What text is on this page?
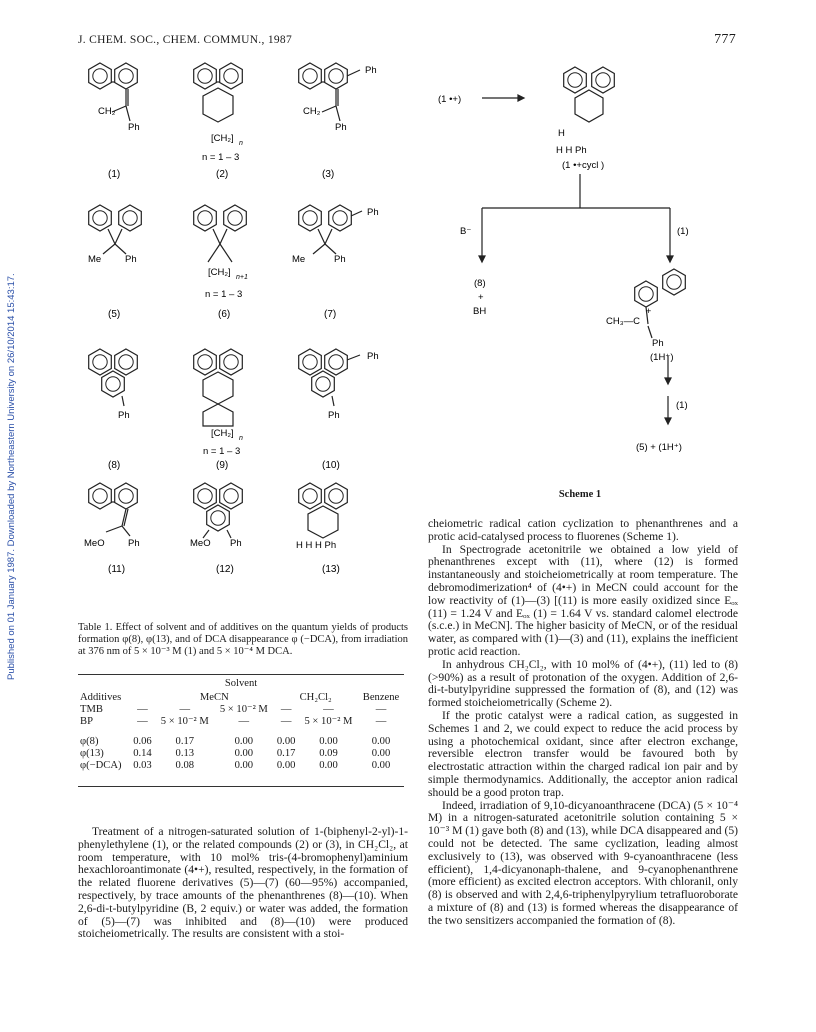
J. CHEM. SOC., CHEM. COMMUN., 1987	777
Published on 01 January 1987. Downloaded by Northeastern University on 26/10/2014 15:43:17.
CH₂
Ph
[CH₂] n
n = 1 – 3
CH₂
Ph
Ph
(1)	(2)	(3)
Me	Ph
[CH₂] n+1
n = 1 – 3
Me	Ph
Ph
(5)	(6)	(7)
Ph
[CH₂] n
n = 1 – 3
Ph
Ph
(8)	(9)	(10)
MeO Ph	MeO Ph	H H H Ph
(11)	(12)	(13)
(1 •+)
H
H H Ph
(1 •+cycl )
B⁻	(1)
(8)
+
BH
CH₃—C
+
Ph
(1H⁺)
(1)
(5) + (1H⁺)
Scheme 1
Table 1. Effect of solvent and of additives on the quantum yields of products formation φ(8), φ(13), and of DCA disappearance φ (−DCA), from irradiation at 376 nm of 5 × 10⁻³ M (1) and 5 × 10⁻⁴ M DCA.
Solvent
Additives		MeCN		CH₂Cl₂		Benzene
TMB	—	—	5 × 10⁻² M	—	—	—
BP	—	5 × 10⁻² M	—	—	5 × 10⁻² M	—

φ(8)	0.06	0.17	0.00	0.00	0.00	0.00
φ(13)	0.14	0.13	0.00	0.17	0.09	0.00
φ(−DCA)	0.03	0.08	0.00	0.00	0.00	0.00

Treatment of a nitrogen-saturated solution of 1-(biphenyl-2-yl)-1-phenylethylene (1), or the related compounds (2) or (3), in CH₂Cl₂, at room temperature, with 10 mol% tris-(4-bromophenyl)aminium hexachloroantimonate (4•+), resulted, respectively, in the formation of the related fluorene derivatives (5)—(7) (60—95%) accompanied, respectively, by trace amounts of the phenanthrenes (8)—(10). When 2,6-di-t-butylpyridine (B, 2 equiv.) or water was added, the formation of (5)—(7) was inhibited and (8)—(10) were produced stoicheiometrically. The results are consistent with a stoi-

cheiometric radical cation cyclization to phenanthrenes and a protic acid-catalysed process to fluorenes (Scheme 1).

In Spectrograde acetonitrile we obtained a low yield of phenanthrenes except with (11), where (12) is formed instantaneously and stoicheiometrically at room temperature. The debromodimerization⁴ of (4•+) in MeCN could account for the low reactivity of (1)—(3) [(11) is more easily oxidized since Eₒₓ (11) = 1.24 V and Eₒₓ (1) = 1.64 V vs. standard calomel electrode (s.c.e.) in MeCN]. The higher basicity of MeCN, or of the residual water, as compared with (1)—(3) and (11), explains the inefficient protic acid reaction.

In anhydrous CH₂Cl₂, with 10 mol% of (4•+), (11) led to (8) (>90%) as a result of protonation of the oxygen. Addition of 2,6-di-t-butylpyridine suppressed the formation of (8), and (12) was formed stoicheiometrically (Scheme 2).

If the protic catalyst were a radical cation, as suggested in Schemes 1 and 2, we could expect to reduce the acid process by using a photochemical oxidant, since after electron exchange, reversible electron transfer would be favoured both by electrostatic attraction within the charged radical ion pair and by simple thermodynamics. Additionally, the acceptor anion radical should be a good proton trap.

Indeed, irradiation of 9,10-dicyanoanthracene (DCA) (5 × 10⁻⁴ M) in a nitrogen-saturated acetonitrile solution containing 5 × 10⁻³ M (1) gave both (8) and (13), while DCA disappeared and (5) could not be detected. The same cyclization, leading almost exclusively to (13), was observed with 9-cyanoanthracene (less efficient), 1,4-dicyanonaph-thalene, and 9-cyanophenanthrene (more efficient) as excited electron acceptors. With chloranil, only (8) is observed and with 2,4,6-triphenylpyrylium tetrafluoroborate a mixture of (8) and (13) is formed whereas the disappearance of the two sensitizers accompanied the formation of (8).
